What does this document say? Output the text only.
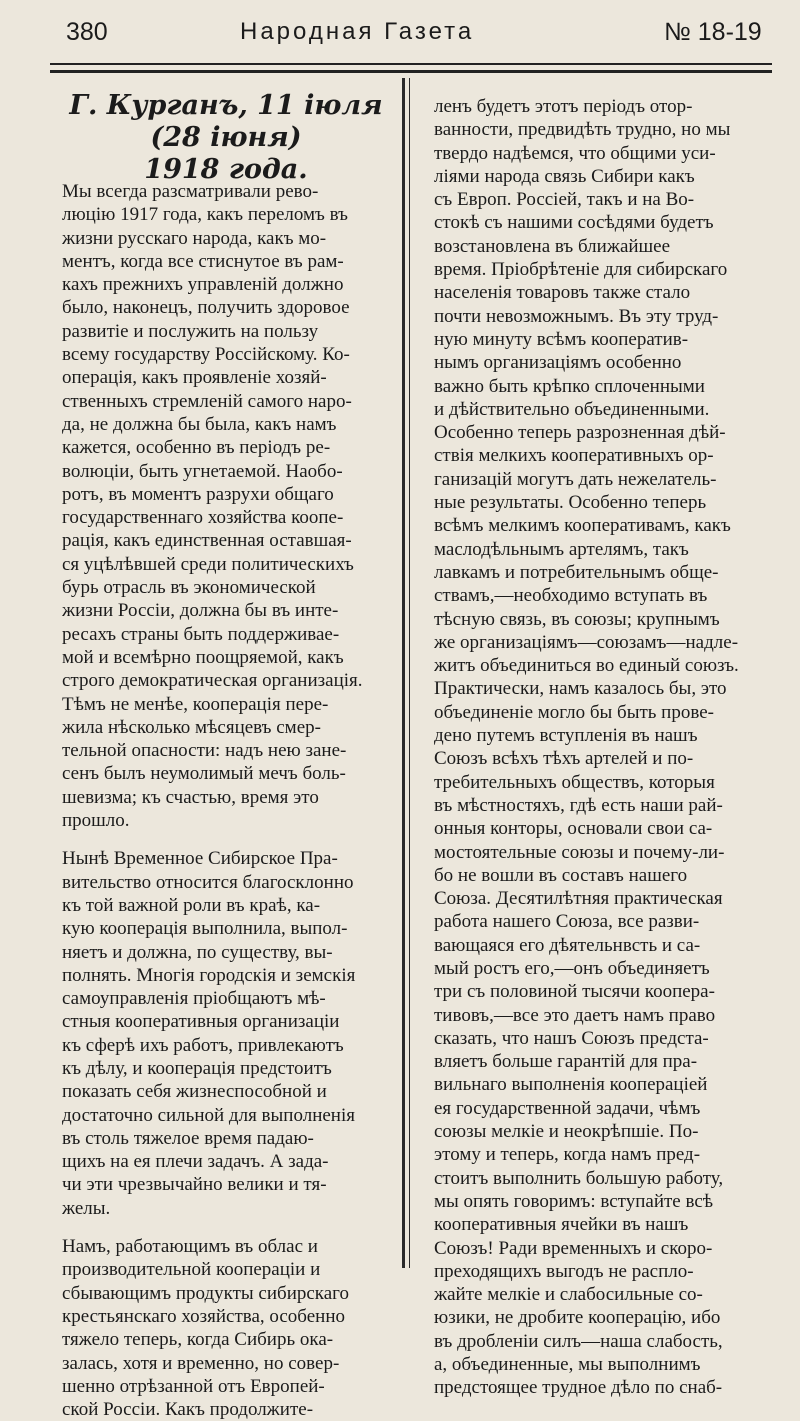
380	Народная Газета	№ 18-19
Г. Курганъ, 11 іюля (28 іюня)
1918 года.
Мы всегда разсматривали рево-
люцію 1917 года, какъ переломъ въ
жизни русскаго народа, какъ мо-
ментъ, когда все стиснутое въ рам-
кахъ прежнихъ управленій должно
было, наконецъ, получить здоровое
развитіе и послужить на пользу
всему государству Россійскому. Ко-
операція, какъ проявленіе хозяй-
ственныхъ стремленій самого наро-
да, не должна бы была, какъ намъ
кажется, особенно въ періодъ ре-
волюціи, быть угнетаемой. Наобо-
ротъ, въ моментъ разрухи общаго
государственнаго хозяйства коопе-
рація, какъ единственная оставшая-
ся уцѣлѣвшей среди политическихъ
бурь отрасль въ экономической
жизни Россіи, должна бы въ инте-
ресахъ страны быть поддерживае-
мой и всемѣрно поощряемой, какъ
строго демократическая организація.
Тѣмъ не менѣе, кооперація пере-
жила нѣсколько мѣсяцевъ смер-
тельной опасности: надъ нею зане-
сенъ былъ неумолимый мечъ боль-
шевизма; къ счастью, время это
прошло.
Нынѣ Временное Сибирское Пра-
вительство относится благосклонно
къ той важной роли въ краѣ, ка-
кую кооперація выполнила, выпол-
няетъ и должна, по существу, вы-
полнять. Многія городскія и земскія
самоуправленія пріобщаютъ мѣ-
стныя кооперативныя организаціи
къ сферѣ ихъ работъ, привлекаютъ
къ дѣлу, и кооперація предстоитъ
показать себя жизнеспособной и
достаточно сильной для выполненія
въ столь тяжелое время падаю-
щихъ на ея плечи задачъ. А зада-
чи эти чрезвычайно велики и тя-
желы.
Намъ, работающимъ въ облас и
производительной коопераціи и
сбывающимъ продукты сибирскаго
крестьянскаго хозяйства, особенно
тяжело теперь, когда Сибирь ока-
залась, хотя и временно, но совер-
шенно отрѣзанной отъ Европей-
ской Россіи. Какъ продолжите-
ленъ будетъ этотъ періодъ отор-
ванности, предвидѣть трудно, но мы
твердо надѣемся, что общими уси-
ліями народа связь Сибири какъ
съ Европ. Россіей, такъ и на Во-
стокѣ съ нашими сосѣдями будетъ
возстановлена въ ближайшее
время. Пріобрѣтеніе для сибирскаго
населенія товаровъ также стало
почти невозможнымъ. Въ эту труд-
ную минуту всѣмъ кооператив-
нымъ организаціямъ особенно
важно быть крѣпко сплоченными
и дѣйствительно объединенными.
Особенно теперь разрозненная дѣй-
ствія мелкихъ кооперативныхъ ор-
ганизацій могутъ дать нежелатель-
ные результаты. Особенно теперь
всѣмъ мелкимъ кооперативамъ, какъ
маслодѣльнымъ артелямъ, такъ
лавкамъ и потребительнымъ обще-
ствамъ,—необходимо вступать въ
тѣсную связь, въ союзы; крупнымъ
же организаціямъ—союзамъ—надле-
житъ объединиться во единый союзъ.
Практически, намъ казалось бы, это
объединеніе могло бы быть прове-
дено путемъ вступленія въ нашъ
Союзъ всѣхъ тѣхъ артелей и по-
требительныхъ обществъ, которыя
въ мѣстностяхъ, гдѣ есть наши рай-
онныя конторы, основали свои са-
мостоятельные союзы и почему-ли-
бо не вошли въ составъ нашего
Союза. Десятилѣтняя практическая
работа нашего Союза, все разви-
вающаяся его дѣятельнвсть и са-
мый ростъ его,—онъ объединяетъ
три съ половиной тысячи коопера-
тивовъ,—все это даетъ намъ право
сказать, что нашъ Союзъ предста-
вляетъ больше гарантій для пра-
вильнаго выполненія коопераціей
ея государственной задачи, чѣмъ
союзы мелкіе и неокрѣпшіе. По-
этому и теперь, когда намъ пред-
стоитъ выполнить большую работу,
мы опять говоримъ: вступайте всѣ
кооперативныя ячейки въ нашъ
Союзъ! Ради временныхъ и скоро-
преходящихъ выгодъ не распло-
жайте мелкіе и слабосильные со-
юзики, не дробите кооперацію, ибо
въ дробленіи силъ—наша слабость,
а, объединенные, мы выполнимъ
предстоящее трудное дѣло по снаб-
